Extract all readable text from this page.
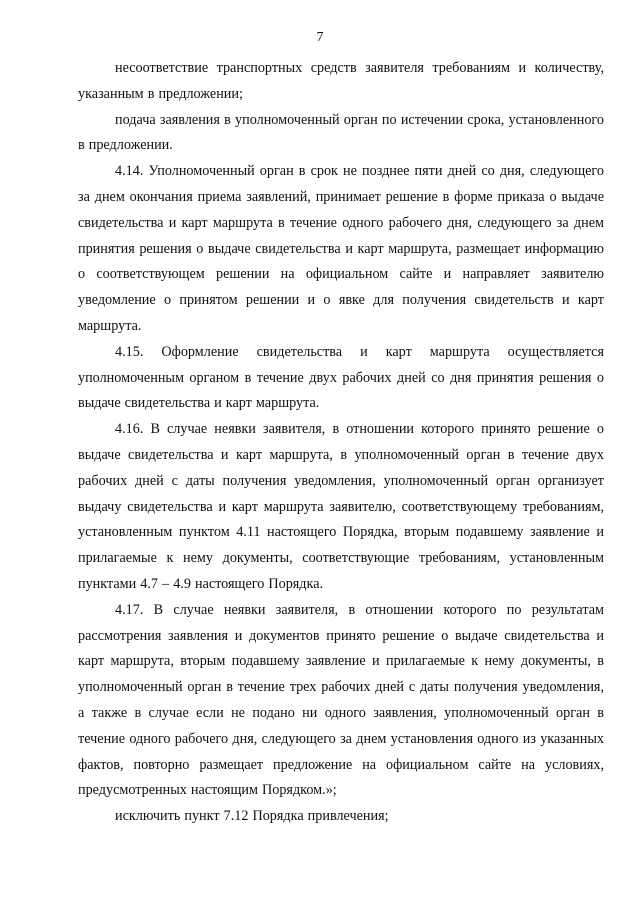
7

несоответствие транспортных средств заявителя требованиям и количеству, указанным в предложении;

подача заявления в уполномоченный орган по истечении срока, установленного в предложении.

4.14. Уполномоченный орган в срок не позднее пяти дней со дня, следующего за днем окончания приема заявлений, принимает решение в форме приказа о выдаче свидетельства и карт маршрута в течение одного рабочего дня, следующего за днем принятия решения о выдаче свидетельства и карт маршрута, размещает информацию о соответствующем решении на официальном сайте и направляет заявителю уведомление о принятом решении и о явке для получения свидетельств и карт маршрута.

4.15. Оформление свидетельства и карт маршрута осуществляется уполномоченным органом в течение двух рабочих дней со дня принятия решения о выдаче свидетельства и карт маршрута.

4.16. В случае неявки заявителя, в отношении которого принято решение о выдаче свидетельства и карт маршрута, в уполномоченный орган в течение двух рабочих дней с даты получения уведомления, уполномоченный орган организует выдачу свидетельства и карт маршрута заявителю, соответствующему требованиям, установленным пунктом 4.11 настоящего Порядка, вторым подавшему заявление и прилагаемые к нему документы, соответствующие требованиям, установленным пунктами 4.7 – 4.9 настоящего Порядка.

4.17. В случае неявки заявителя, в отношении которого по результатам рассмотрения заявления и документов принято решение о выдаче свидетельства и карт маршрута, вторым подавшему заявление и прилагаемые к нему документы, в уполномоченный орган в течение трех рабочих дней с даты получения уведомления, а также в случае если не подано ни одного заявления, уполномоченный орган в течение одного рабочего дня, следующего за днем установления одного из указанных фактов, повторно размещает предложение на официальном сайте на условиях, предусмотренных настоящим Порядком.»;

исключить пункт 7.12 Порядка привлечения;
